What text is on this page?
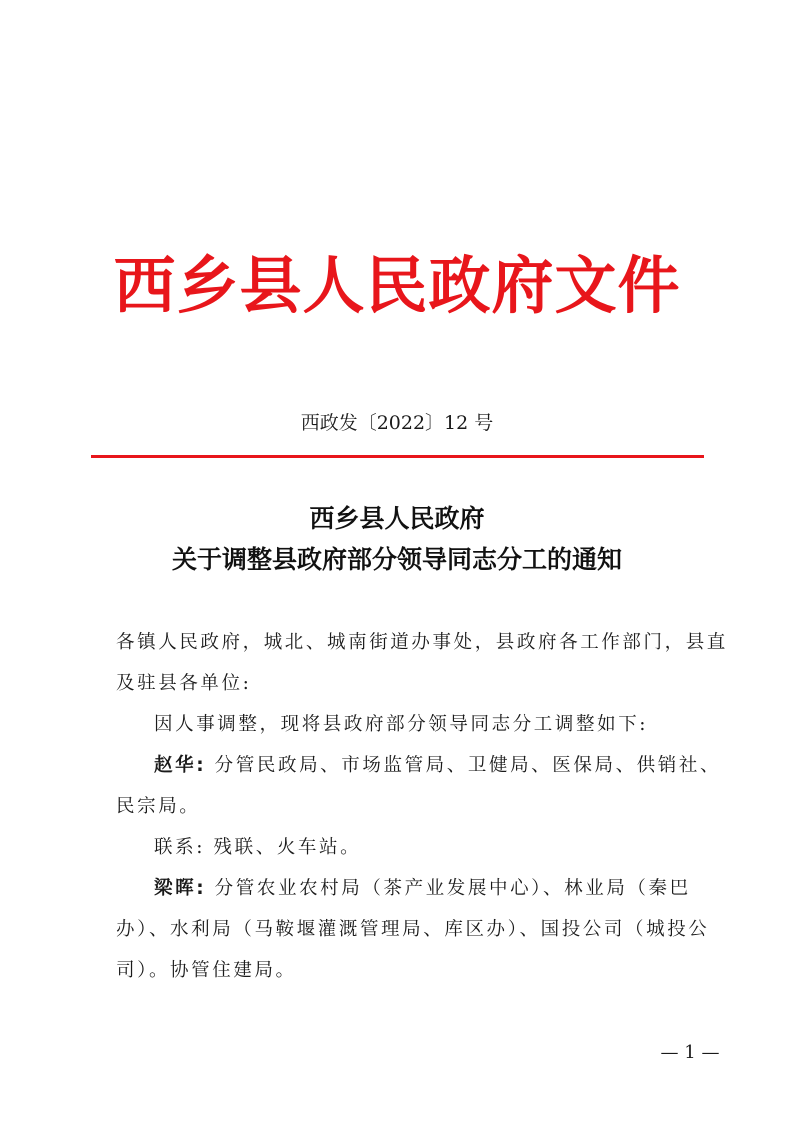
西乡县人民政府文件
西政发〔2022〕12 号
西乡县人民政府
关于调整县政府部分领导同志分工的通知

各镇人民政府，城北、城南街道办事处，县政府各工作部门，县直及驻县各单位:

因人事调整，现将县政府部分领导同志分工调整如下:

赵华: 分管民政局、市场监管局、卫健局、医保局、供销社、民宗局。

联系: 残联、火车站。

梁晖: 分管农业农村局（茶产业发展中心）、林业局（秦巴办）、水利局（马鞍堰灌溉管理局、库区办）、国投公司（城投公司）。协管住建局。

— 1 —
